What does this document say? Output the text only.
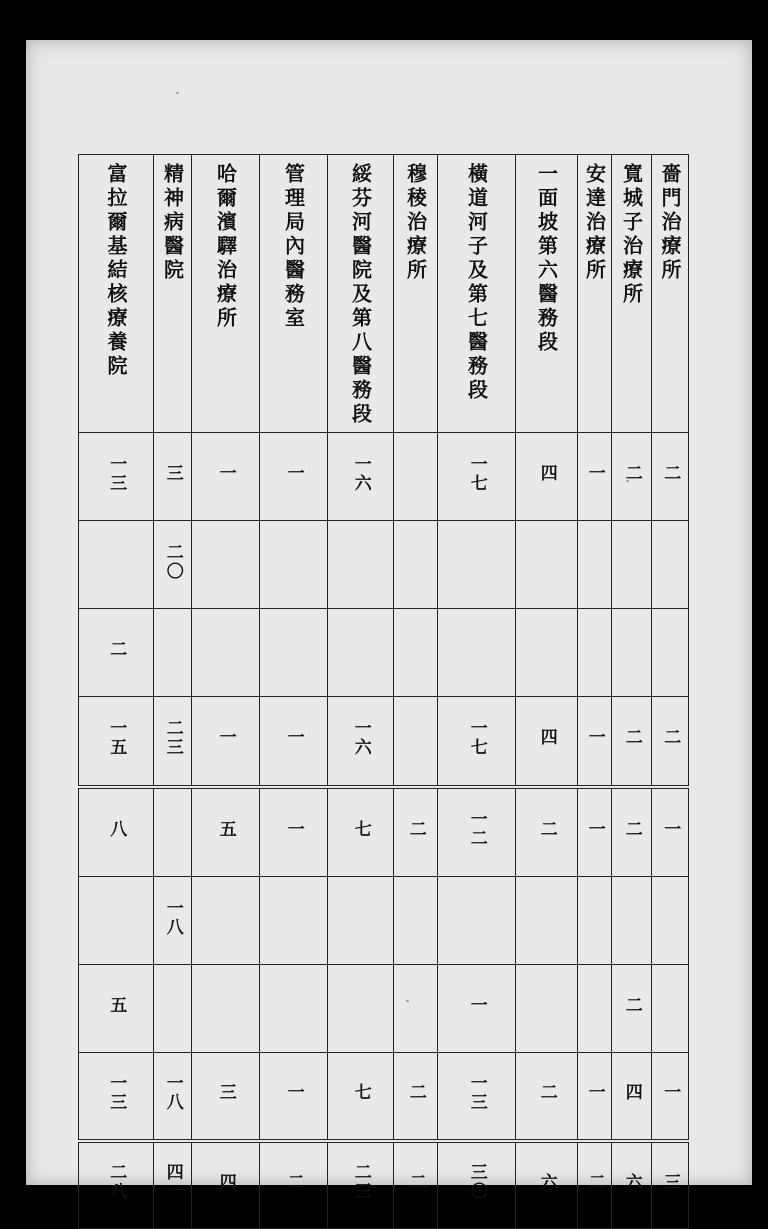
嗇門治療所	寬城子治療所	安達治療所	一面坡第六醫務段	橫道河子及第七醫務段	穆稜治療所	綏芬河醫院及第八醫務段	管理局內醫務室	哈爾濱驛治療所	精神病醫院	富拉爾基結核療養院
二	二	一	四	一七		一六	一	一	三	一三
									二〇	
										二
二	二	一	四	一七		一六	一	一	二三	一五
一	二	一	二	一二	二	七	一	五		八
									一八	
	二			一						五
一	四	一	二	一三	二	七	一	三	一八	一三
三	六	二	六	三〇	二	二三	二	四	四一	二八
